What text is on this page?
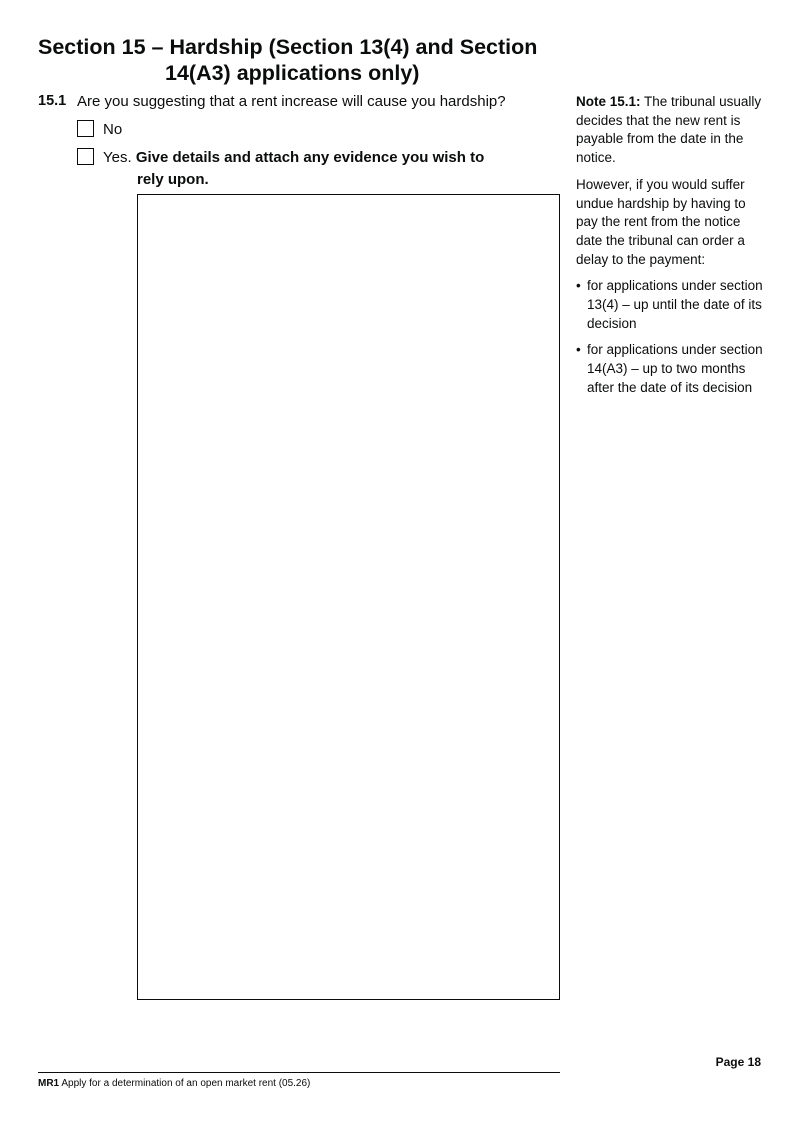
Section 15 – Hardship (Section 13(4) and Section
14(A3) applications only)
15.1 Are you suggesting that a rent increase will cause you hardship?
No
Yes. Give details and attach any evidence you wish to
rely upon.

Note 15.1: The tribunal usually decides that the new rent is payable from the date in the notice.

However, if you would suffer undue hardship by having to pay the rent from the notice date the tribunal can order a delay to the payment:

• for applications under section 13(4) – up until the date of its decision
• for applications under section 14(A3) – up to two months after the date of its decision
Page 18
MR1 Apply for a determination of an open market rent (05.26)
